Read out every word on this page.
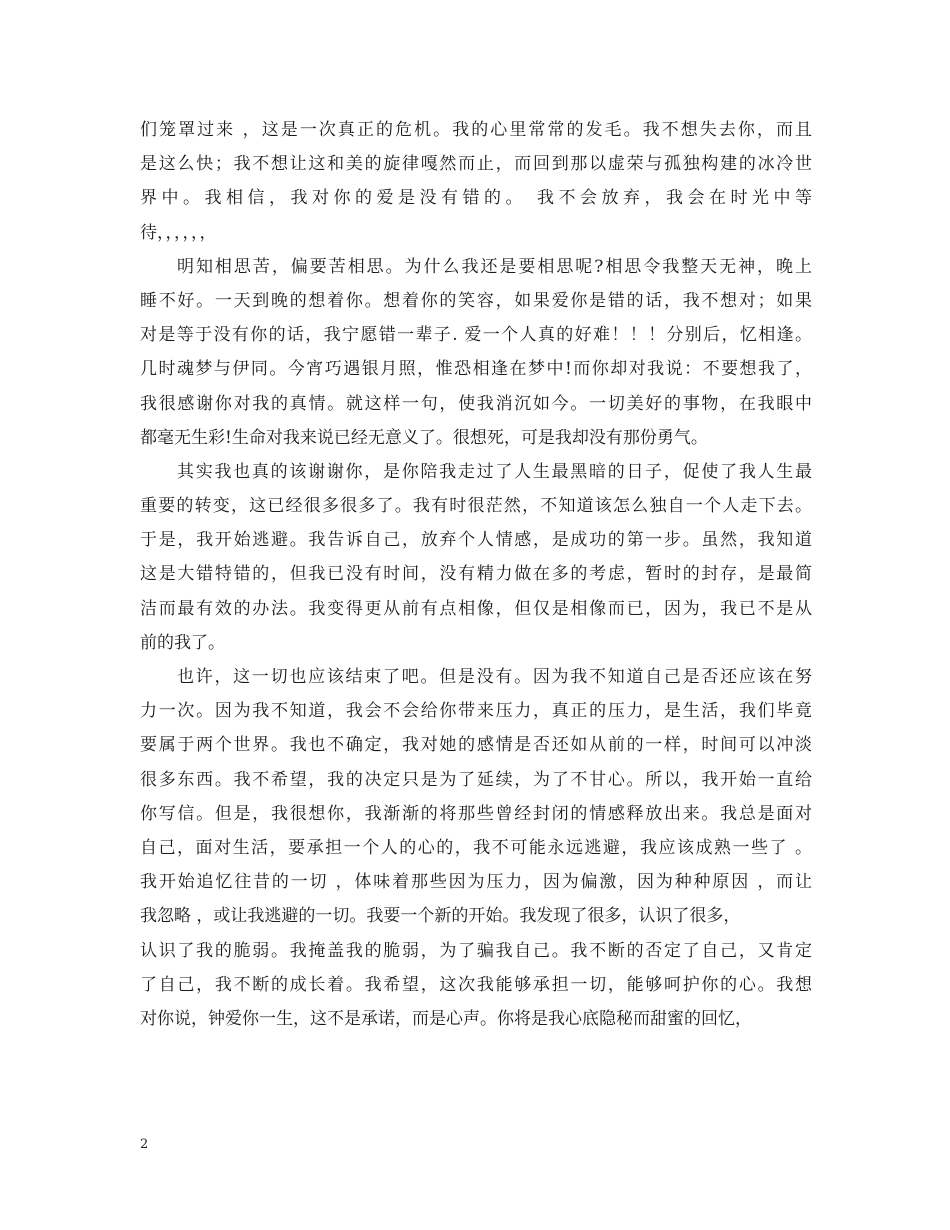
们笼罩过来 ，这是一次真正的危机。我的心里常常的发毛。我不想失去你，而且
是这么快；我不想让这和美的旋律嘎然而止，而回到那以虚荣与孤独构建的冰冷世
界中。我相信，我对你的爱是没有错的。 我不会放弃，我会在时光中等
待，，，，，，
明知相思苦，偏要苦相思。为什么我还是要相思呢?相思令我整天无神，晚上
睡不好。一天到晚的想着你。想着你的笑容，如果爱你是错的话，我不想对；如果
对是等于没有你的话，我宁愿错一辈子. 爱一个人真的好难！！！分别后，忆相逢。
几时魂梦与伊同。今宵巧遇银月照，惟恐相逢在梦中!而你却对我说：不要想我了，
我很感谢你对我的真情。就这样一句，使我消沉如今。一切美好的事物，在我眼中
都毫无生彩!生命对我来说已经无意义了。很想死，可是我却没有那份勇气。
其实我也真的该谢谢你，是你陪我走过了人生最黑暗的日子，促使了我人生最
重要的转变，这已经很多很多了。我有时很茫然，不知道该怎么独自一个人走下去。
于是，我开始逃避。我告诉自己，放弃个人情感，是成功的第一步。虽然，我知道
这是大错特错的，但我已没有时间，没有精力做在多的考虑，暂时的封存，是最简
洁而最有效的办法。我变得更从前有点相像，但仅是相像而已，因为，我已不是从
前的我了。
也许，这一切也应该结束了吧。但是没有。因为我不知道自己是否还应该在努
力一次。因为我不知道，我会不会给你带来压力，真正的压力，是生活，我们毕竟
要属于两个世界。我也不确定，我对她的感情是否还如从前的一样，时间可以冲淡
很多东西。我不希望，我的决定只是为了延续，为了不甘心。所以，我开始一直给
你写信。但是，我很想你，我渐渐的将那些曾经封闭的情感释放出来。我总是面对
自己，面对生活，要承担一个人的心的，我不可能永远逃避，我应该成熟一些了 。
我开始追忆往昔的一切 ，体味着那些因为压力，因为偏激，因为种种原因 ，而让
我忽略 ，或让我逃避的一切。我要一个新的开始。我发现了很多，认识了很多，
认识了我的脆弱。我掩盖我的脆弱，为了骗我自己。我不断的否定了自己，又肯定
了自己，我不断的成长着。我希望，这次我能够承担一切，能够呵护你的心。我想
对你说，钟爱你一生，这不是承诺，而是心声。你将是我心底隐秘而甜蜜的回忆，
2
